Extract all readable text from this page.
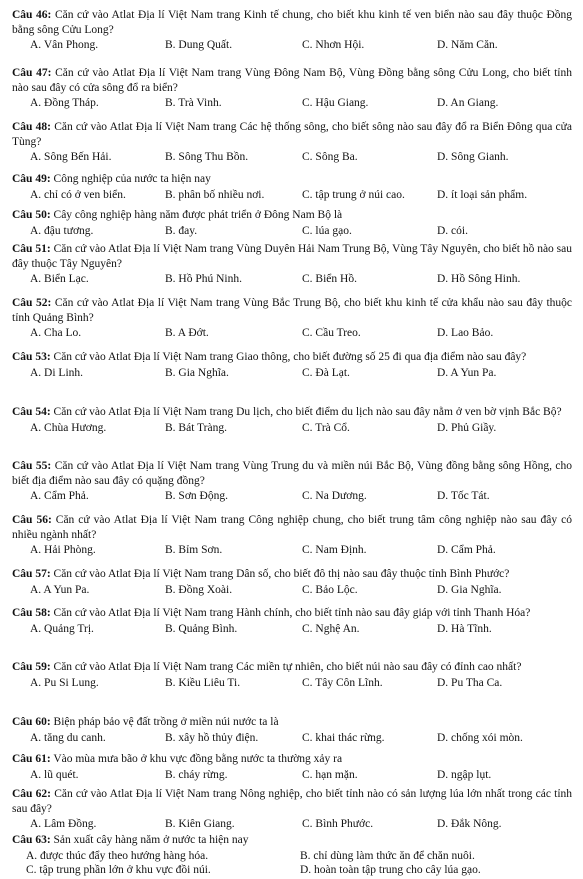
Câu 46: Căn cứ vào Atlat Địa lí Việt Nam trang Kinh tế chung, cho biết khu kinh tế ven biển nào sau đây thuộc Đồng bằng sông Cửu Long?
A. Vân Phong.	B. Dung Quất.	C. Nhơn Hội.	D. Năm Căn.
Câu 47: Căn cứ vào Atlat Địa lí Việt Nam trang Vùng Đông Nam Bộ, Vùng Đồng bằng sông Cửu Long, cho biết tỉnh nào sau đây có cửa sông đổ ra biển?
A. Đồng Tháp.	B. Trà Vinh.	C. Hậu Giang.	D. An Giang.
Câu 48: Căn cứ vào Atlat Địa lí Việt Nam trang Các hệ thống sông, cho biết sông nào sau đây đổ ra Biển Đông qua cửa Tùng?
A. Sông Bến Hải.	B. Sông Thu Bồn.	C. Sông Ba.	D. Sông Gianh.
Câu 49: Công nghiệp của nước ta hiện nay
A. chỉ có ở ven biển.	B. phân bố nhiều nơi.	C. tập trung ở núi cao.	D. ít loại sản phẩm.
Câu 50: Cây công nghiệp hàng năm được phát triển ở Đông Nam Bộ là
A. đậu tương.	B. đay.	C. lúa gạo.	D. cói.
Câu 51: Căn cứ vào Atlat Địa lí Việt Nam trang Vùng Duyên Hải Nam Trung Bộ, Vùng Tây Nguyên, cho biết hồ nào sau đây thuộc Tây Nguyên?
A. Biển Lạc.	B. Hồ Phú Ninh.	C. Biển Hồ.	D. Hồ Sông Hinh.
Câu 52: Căn cứ vào Atlat Địa lí Việt Nam trang Vùng Bắc Trung Bộ, cho biết khu kinh tế cửa khẩu nào sau đây thuộc tỉnh Quảng Bình?
A. Cha Lo.	B. A Đớt.	C. Cầu Treo.	D. Lao Bảo.
Câu 53: Căn cứ vào Atlat Địa lí Việt Nam trang Giao thông, cho biết đường số 25 đi qua địa điểm nào sau đây?
A. Di Linh.	B. Gia Nghĩa.	C. Đà Lạt.	D. A Yun Pa.
Câu 54: Căn cứ vào Atlat Địa lí Việt Nam trang Du lịch, cho biết điểm du lịch nào sau đây nằm ở ven bờ vịnh Bắc Bộ?
A. Chùa Hương.	B. Bát Tràng.	C. Trà Cổ.	D. Phủ Giầy.
Câu 55: Căn cứ vào Atlat Địa lí Việt Nam trang Vùng Trung du và miền núi Bắc Bộ, Vùng đồng bằng sông Hồng, cho biết địa điểm nào sau đây có quặng đồng?
A. Cẩm Phả.	B. Sơn Động.	C. Na Dương.	D. Tốc Tát.
Câu 56: Căn cứ vào Atlat Địa lí Việt Nam trang Công nghiệp chung, cho biết trung tâm công nghiệp nào sau đây có nhiều ngành nhất?
A. Hải Phòng.	B. Bỉm Sơn.	C. Nam Định.	D. Cẩm Phả.
Câu 57: Căn cứ vào Atlat Địa lí Việt Nam trang Dân số, cho biết đô thị nào sau đây thuộc tỉnh Bình Phước?
A. A Yun Pa.	B. Đồng Xoài.	C. Bảo Lộc.	D. Gia Nghĩa.
Câu 58: Căn cứ vào Atlat Địa lí Việt Nam trang Hành chính, cho biết tỉnh nào sau đây giáp với tỉnh Thanh Hóa?
A. Quảng Trị.	B. Quảng Bình.	C. Nghệ An.	D. Hà Tĩnh.
Câu 59: Căn cứ vào Atlat Địa lí Việt Nam trang Các miền tự nhiên, cho biết núi nào sau đây có đỉnh cao nhất?
A. Pu Si Lung.	B. Kiều Liêu Ti.	C. Tây Côn Lĩnh.	D. Pu Tha Ca.
Câu 60: Biện pháp bảo vệ đất trồng ở miền núi nước ta là
A. tăng du canh.	B. xây hồ thủy điện.	C. khai thác rừng.	D. chống xói mòn.
Câu 61: Vào mùa mưa bão ở khu vực đồng bằng nước ta thường xảy ra
A. lũ quét.	B. cháy rừng.	C. hạn mặn.	D. ngập lụt.
Câu 62: Căn cứ vào Atlat Địa lí Việt Nam trang Nông nghiệp, cho biết tỉnh nào có sản lượng lúa lớn nhất trong các tỉnh sau đây?
A. Lâm Đồng.	B. Kiên Giang.	C. Bình Phước.	D. Đắk Nông.
Câu 63: Sản xuất cây hàng năm ở nước ta hiện nay
A. được thúc đẩy theo hướng hàng hóa.	B. chỉ dùng làm thức ăn để chăn nuôi.
C. tập trung phần lớn ở khu vực đồi núi.	D. hoàn toàn tập trung cho cây lúa gạo.
